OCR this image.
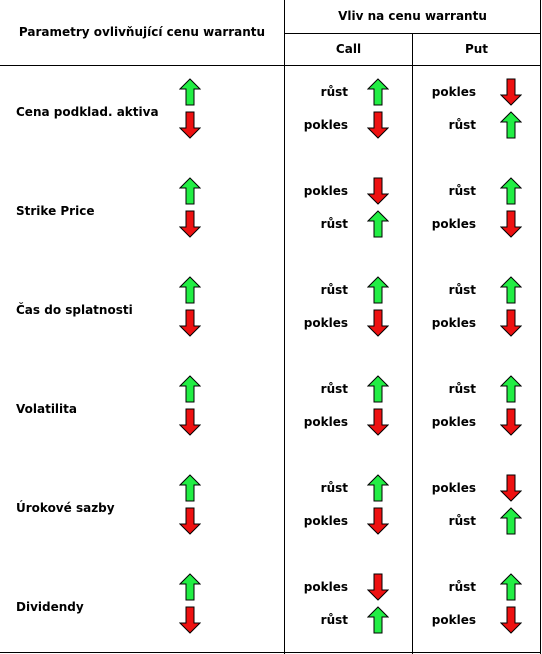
Parametry ovlivňující cenu warrantu
Vliv na cenu warrantu
Call	Put
Cena podklad. aktiva
růst
pokles
pokles
růst
Strike Price
pokles
růst
růst
pokles
Čas do splatnosti
růst
pokles
růst
pokles
Volatilita
růst
pokles
růst
pokles
Úrokové sazby
růst
pokles
pokles
růst
Dividendy
pokles
růst
růst
pokles
